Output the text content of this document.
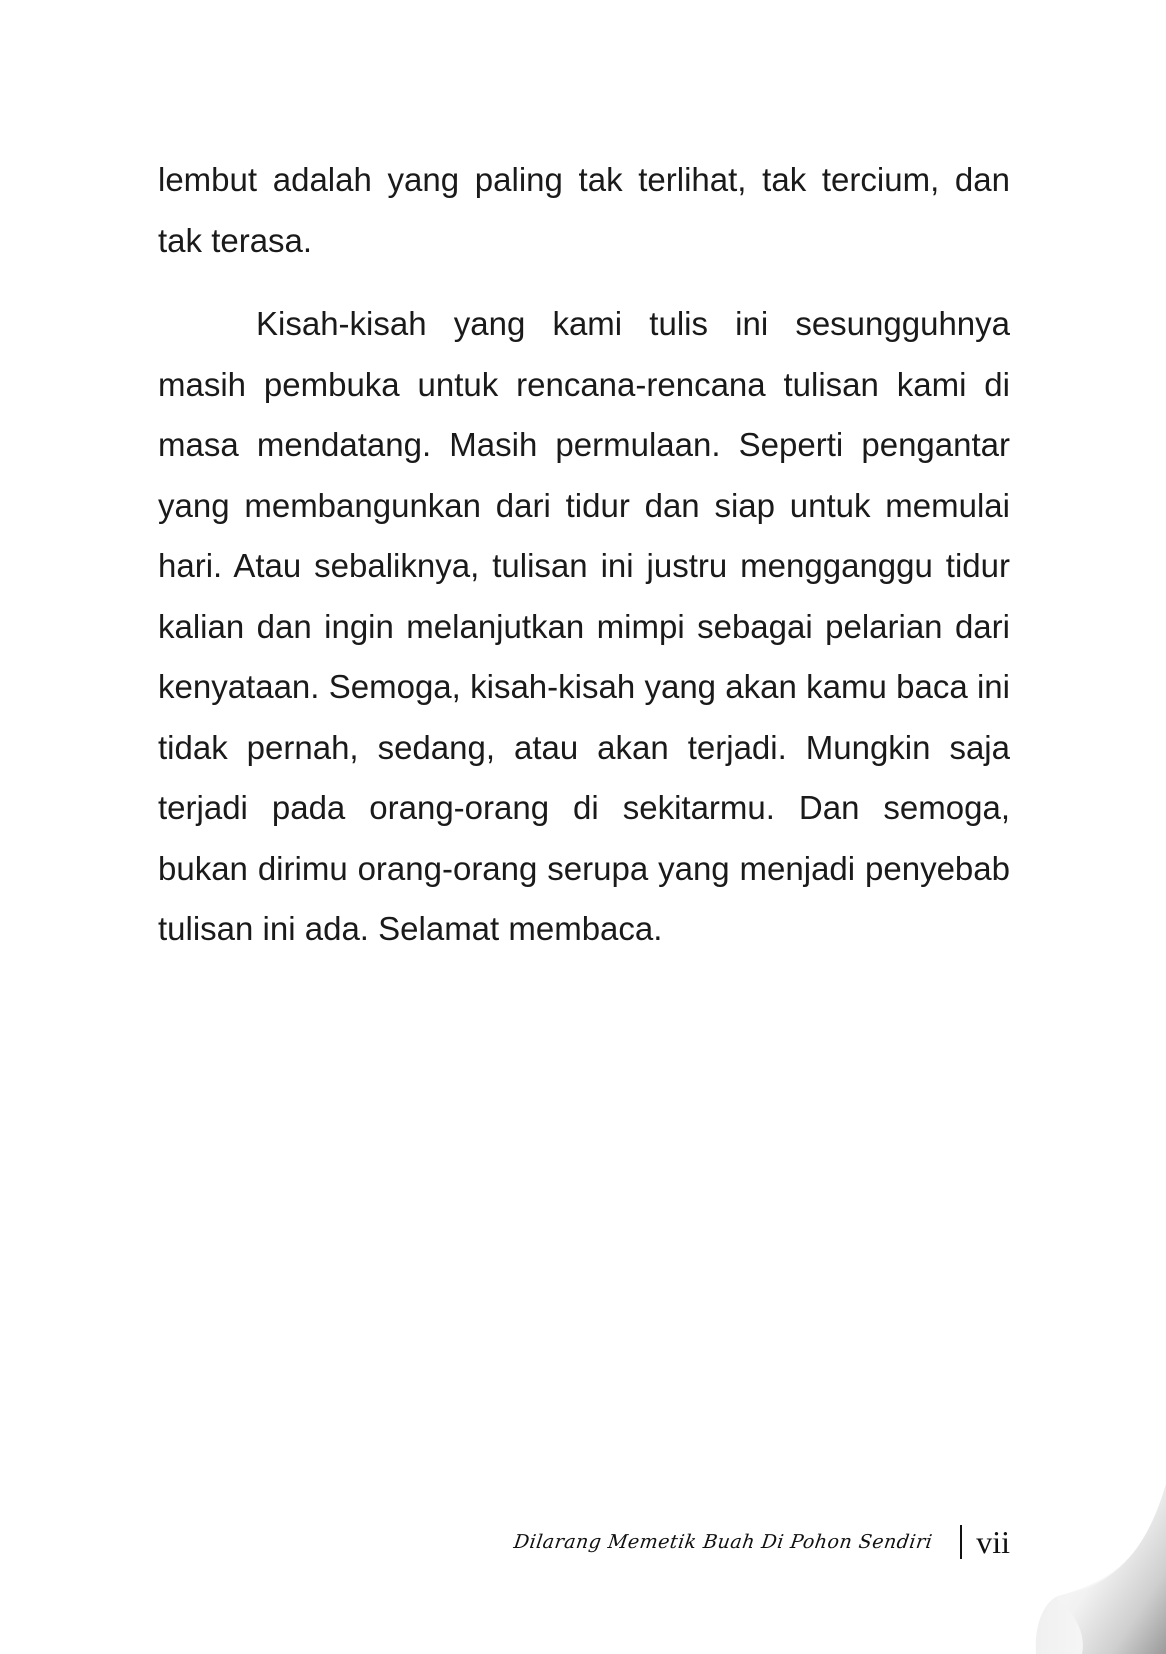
lembut adalah yang paling tak terlihat, tak tercium, dan tak terasa.

Kisah-kisah yang kami tulis ini sesungguhnya masih pembuka untuk rencana-rencana tulisan kami di masa mendatang. Masih permulaan. Seperti pengantar yang membangunkan dari tidur dan siap untuk memulai hari. Atau sebaliknya, tulisan ini justru mengganggu tidur kalian dan ingin melanjutkan mimpi sebagai pelarian dari kenyataan. Semoga, kisah-kisah yang akan kamu baca ini tidak pernah, sedang, atau akan terjadi. Mungkin saja terjadi pada orang-orang di sekitarmu. Dan semoga, bukan dirimu orang-orang serupa yang menjadi penyebab tulisan ini ada. Selamat membaca.

Dilarang Memetik Buah Di Pohon Sendiri vii
